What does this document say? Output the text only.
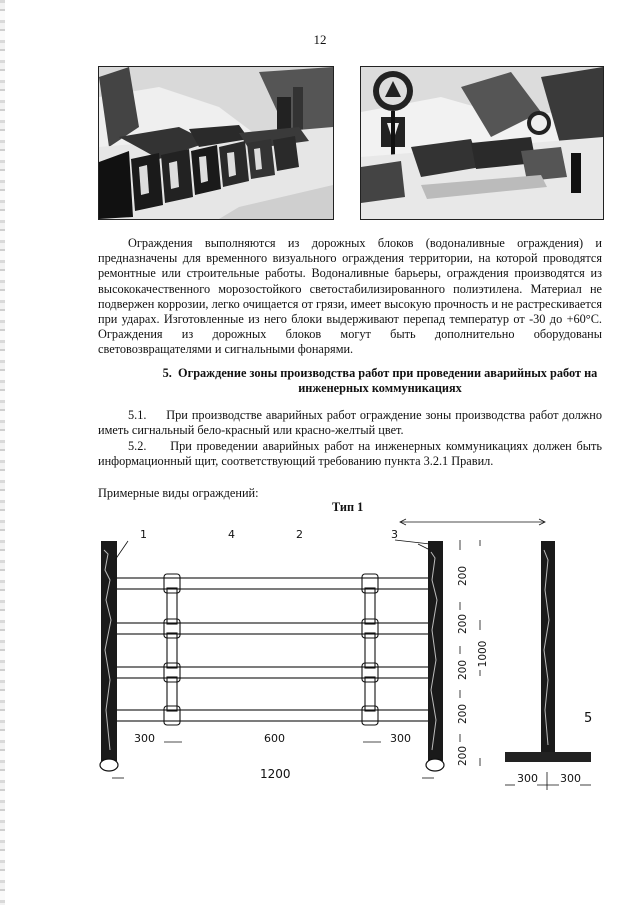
12

Ограждения выполняются из дорожных блоков (водоналивные ограждения) и предназначены для временного визуального ограждения территории, на которой проводятся ремонтные или строительные работы. Водоналивные барьеры, ограждения производятся из высококачественного морозостойкого светостабилизированного полиэтилена. Материал не подвержен коррозии, легко очищается от грязи, имеет высокую прочность и не растрескивается при ударах. Изготовленные из него блоки выдерживают перепад температур от -30 до +60°С. Ограждения из дорожных блоков могут быть дополнительно оборудованы световозвращателями и сигнальными фонарями.

5. Ограждение зоны производства работ при проведении аварийных работ на инженерных коммуникациях

5.1. При производстве аварийных работ ограждение зоны производства работ должно иметь сигнальный бело-красный или красно-желтый цвет.

5.2. При проведении аварийных работ на инженерных коммуникациях должен быть информационный щит, соответствующий требованию пункта 3.2.1 Правил.

Примерные виды ограждений:
Тип 1
1	4	2	3
5
300	600	300
1200
200
200
200
200
200
1000
300 300
